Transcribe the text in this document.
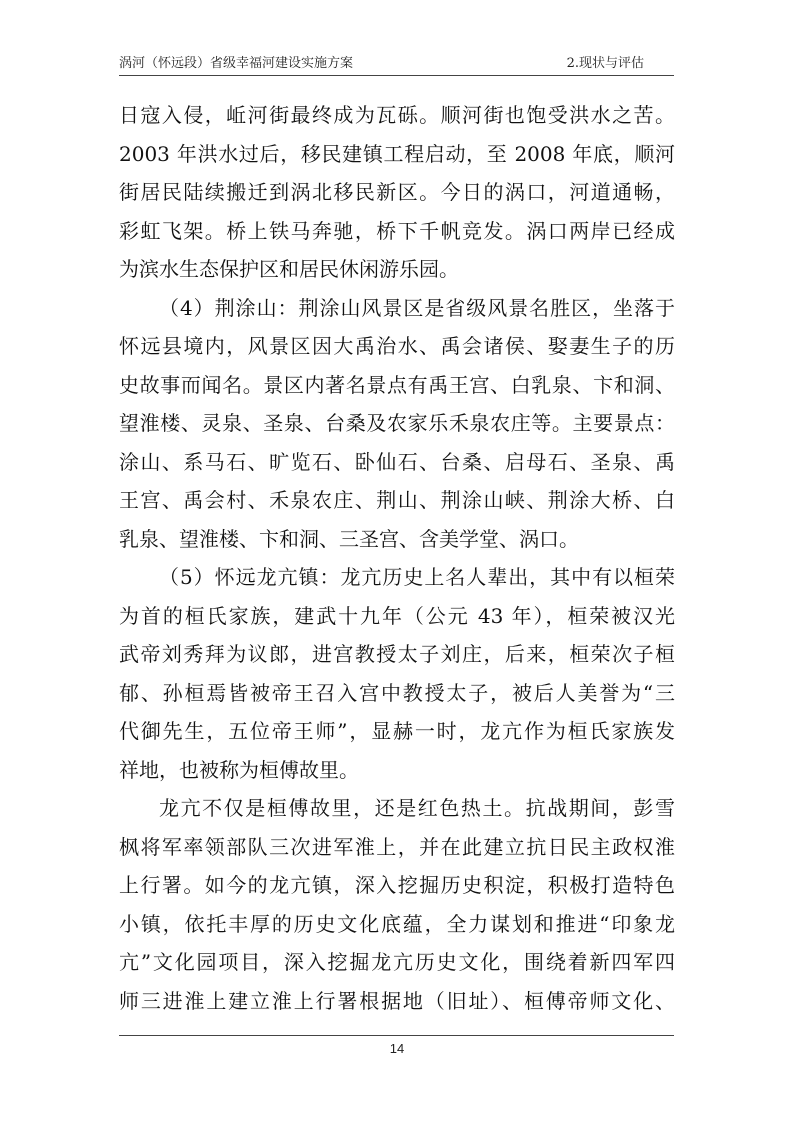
涡河（怀远段）省级幸福河建设实施方案	2.现状与评估
日寇入侵，岴河街最终成为瓦砾。顺河街也饱受洪水之苦。
2003 年洪水过后，移民建镇工程启动，至 2008 年底，顺河
街居民陆续搬迁到涡北移民新区。今日的涡口，河道通畅，
彩虹飞架。桥上铁马奔驰，桥下千帆竞发。涡口两岸已经成
为滨水生态保护区和居民休闲游乐园。
（4）荆涂山：荆涂山风景区是省级风景名胜区，坐落于
怀远县境内，风景区因大禹治水、禹会诸侯、娶妻生子的历
史故事而闻名。景区内著名景点有禹王宫、白乳泉、卞和洞、
望淮楼、灵泉、圣泉、台桑及农家乐禾泉农庄等。主要景点：
涂山、系马石、旷览石、卧仙石、台桑、启母石、圣泉、禹
王宫、禹会村、禾泉农庄、荆山、荆涂山峡、荆涂大桥、白
乳泉、望淮楼、卞和洞、三圣宫、含美学堂、涡口。
（5）怀远龙亢镇：龙亢历史上名人辈出，其中有以桓荣
为首的桓氏家族，建武十九年（公元 43 年），桓荣被汉光
武帝刘秀拜为议郎，进宫教授太子刘庄，后来，桓荣次子桓
郁、孙桓焉皆被帝王召入宫中教授太子，被后人美誉为“三
代御先生，五位帝王师”，显赫一时，龙亢作为桓氏家族发
祥地，也被称为桓傅故里。
龙亢不仅是桓傅故里，还是红色热土。抗战期间，彭雪
枫将军率领部队三次进军淮上，并在此建立抗日民主政权淮
上行署。如今的龙亢镇，深入挖掘历史积淀，积极打造特色
小镇，依托丰厚的历史文化底蕴，全力谋划和推进“印象龙
亢”文化园项目，深入挖掘龙亢历史文化，围绕着新四军四
师三进淮上建立淮上行署根据地（旧址）、桓傅帝师文化、
14
